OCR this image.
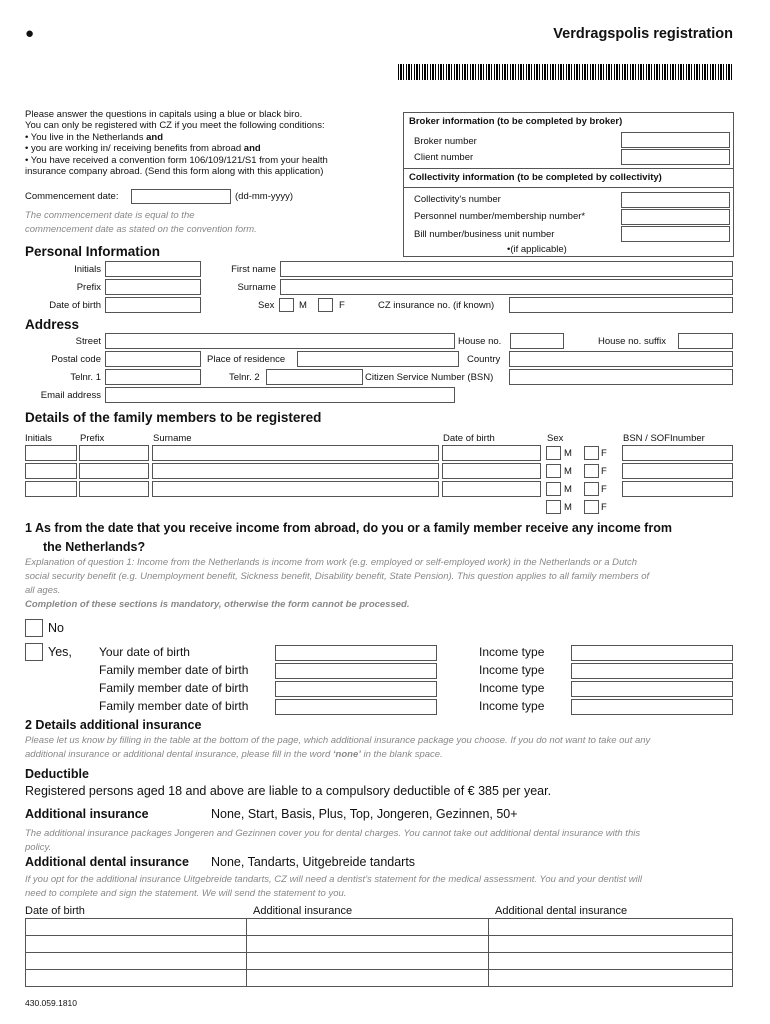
●	Verdragspolis registration
Please answer the questions in capitals using a blue or black biro.
You can only be registered with CZ if you meet the following conditions:
• You live in the Netherlands and
• you are working in/ receiving benefits from abroad and
• You have received a convention form 106/109/121/S1 from your health
insurance company abroad. (Send this form along with this application)
Commencement date:	(dd-mm-yyyy)
The commencement date is equal to the
commencement date as stated on the convention form.
Broker information (to be completed by broker)
Broker number
Client number
Collectivity information (to be completed by collectivity)
Collectivity's number
Personnel number/membership number*
Bill number/business unit number
•(if applicable)
Personal Information
Initials	First name
Prefix	Surname
Date of birth	Sex	M	F	CZ insurance no. (if known)
Address
Street	House no.	House no. suffix
Postal code	Place of residence	Country
Telnr. 1	Telnr. 2	Citizen Service Number (BSN)
Email address
Details of the family members to be registered
Initials	Prefix	Surname	Date of birth	Sex	BSN / SOFInumber
M	F
M	F
M	F
M	F
1 As from the date that you receive income from abroad, do you or a family member receive any income from
the Netherlands?
Explanation of question 1: Income from the Netherlands is income from work (e.g. employed or self-employed work) in the Netherlands or a Dutch
social security benefit (e.g. Unemployment benefit, Sickness benefit, Disability benefit, State Pension). This question applies to all family members of
all ages.
Completion of these sections is mandatory, otherwise the form cannot be processed.
No
Yes, Your date of birth
Family member date of birth
Family member date of birth
Family member date of birth
Income type
Income type
Income type
Income type
2 Details additional insurance
Please let us know by filling in the table at the bottom of the page, which additional insurance package you choose. If you do not want to take out any
additional insurance or additional dental insurance, please fill in the word ‘none’ in the blank space.
Deductible
Registered persons aged 18 and above are liable to a compulsory deductible of € 385 per year.
Additional insurance	None, Start, Basis, Plus, Top, Jongeren, Gezinnen, 50+
The additional insurance packages Jongeren and Gezinnen cover you for dental charges. You cannot take out additional dental insurance with this
policy.
Additional dental insurance None, Tandarts, Uitgebreide tandarts
If you opt for the additional insurance Uitgebreide tandarts, CZ will need a dentist’s statement for the medical assessment. You and your dentist will
need to complete and sign the statement. We will send the statement to you.
Date of birth	Additional insurance	Additional dental insurance

430.059.1810
